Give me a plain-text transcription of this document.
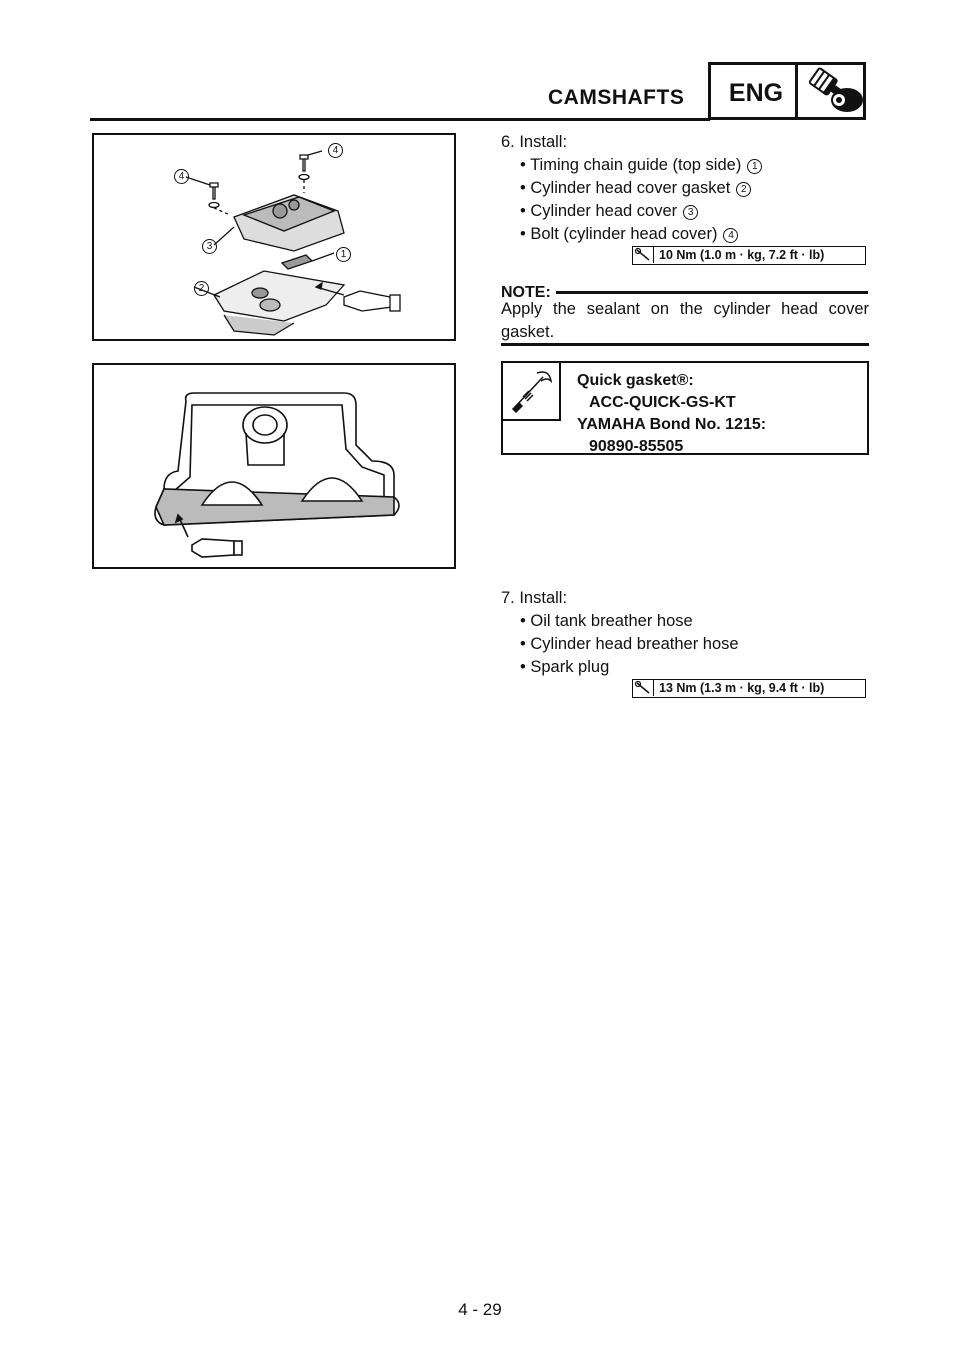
CAMSHAFTS	ENG
4
4
3
1
2
6. Install:
• Timing chain guide (top side) 1
• Cylinder head cover gasket 2
• Cylinder head cover 3
• Bolt (cylinder head cover) 4
10 Nm (1.0 m · kg, 7.2 ft · lb)
NOTE:
Apply the sealant on the cylinder head cover gasket.
Quick gasket®:
ACC-QUICK-GS-KT
YAMAHA Bond No. 1215:
90890-85505
7. Install:
• Oil tank breather hose
• Cylinder head breather hose
• Spark plug
13 Nm (1.3 m · kg, 9.4 ft · lb)
4 - 29
